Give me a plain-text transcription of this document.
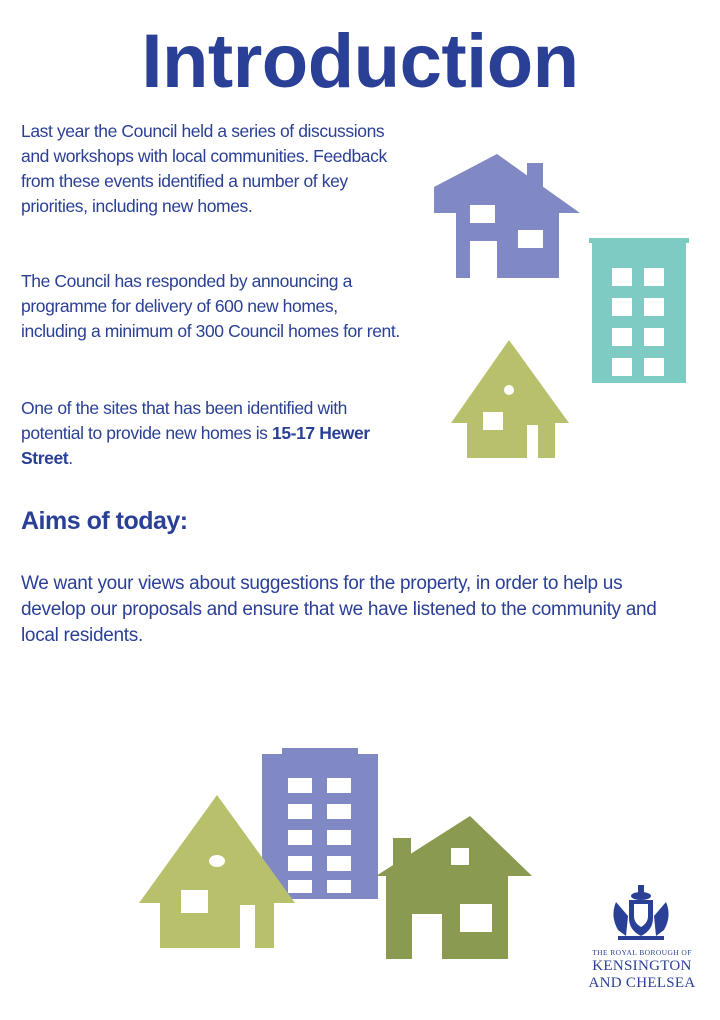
Introduction

Last year the Council held a series of discussions and workshops with local communities. Feedback from these events identified a number of key priorities, including new homes.

The Council has responded by announcing a programme for delivery of 600 new homes, including a minimum of 300 Council homes for rent.

One of the sites that has been identified with potential to provide new homes is 15-17 Hewer Street.

Aims of today:

We want your views about suggestions for the property, in order to help us develop our proposals and ensure that we have listened to the community and local residents.

THE ROYAL BOROUGH OF
KENSINGTON
AND CHELSEA
